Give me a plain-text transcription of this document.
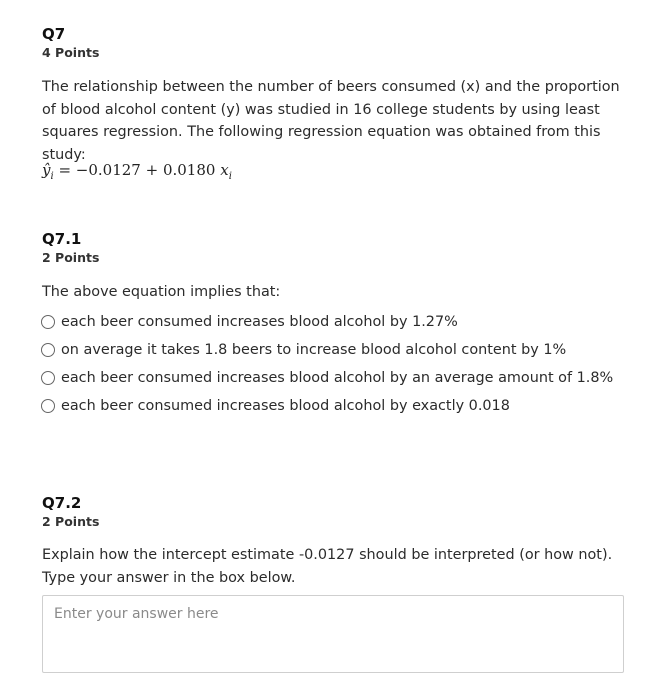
Q7

4 Points

The relationship between the number of beers consumed (x) and the proportion of blood alcohol content (y) was studied in 16 college students by using least squares regression. The following regression equation was obtained from this study:

$ŷ_i = -0.0127 + 0.0180$ $x_i$

Q7.1

2 Points

The above equation implies that:

each beer consumed increases blood alcohol by 1.27%
on average it takes 1.8 beers to increase blood alcohol content by 1%
each beer consumed increases blood alcohol by an average amount of 1.8%
each beer consumed increases blood alcohol by exactly 0.018

Q7.2

2 Points

Explain how the intercept estimate -0.0127 should be interpreted (or how not). Type your answer in the box below.

Enter your answer here
